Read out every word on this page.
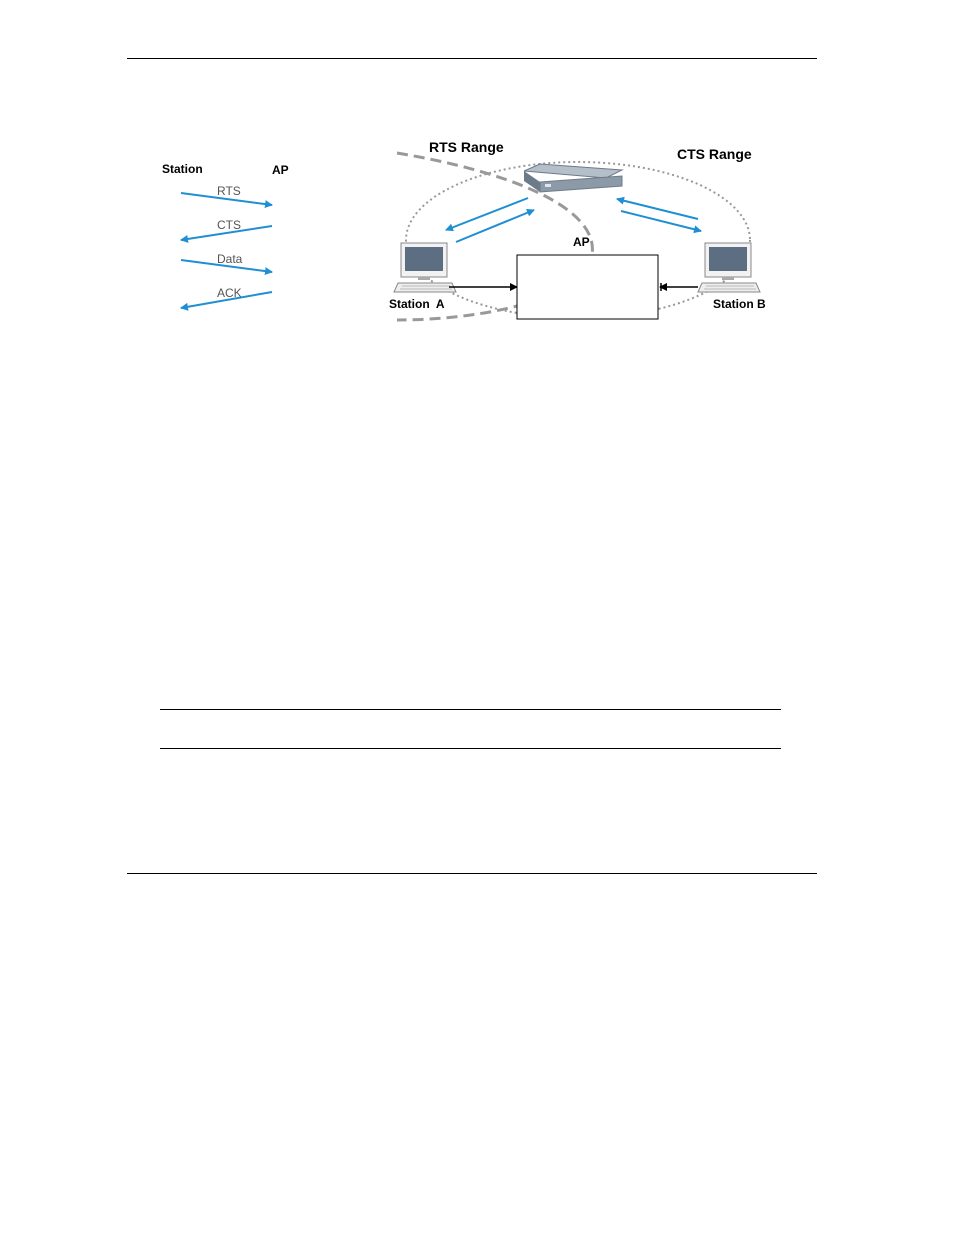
Station	AP
RTS
CTS
Data
ACK
RTS Range	CTS Range
AP
Station  A	Station B
